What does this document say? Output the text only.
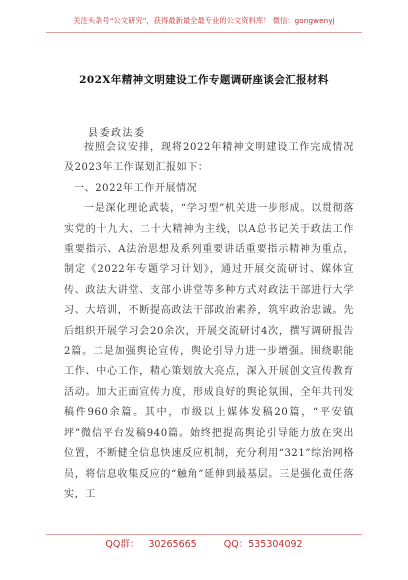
关注头条号“公文研究”，获得最新最全最专业的公文资料库！ 微信：gongwenyj
202X年精神文明建设工作专题调研座谈会汇报材料
县委政法委

按照会议安排，现将2022年精神文明建设工作完成情况及2023年工作谋划汇报如下：

一、2022年工作开展情况

一是深化理论武装，“学习型”机关进一步形成。以贯彻落实党的十九大、二十大精神为主线，以A总书记关于政法工作重要指示、A法治思想及系列重要讲话重要指示精神为重点，制定《2022年专题学习计划》，通过开展交流研讨、媒体宣传、政法大讲堂、支部小讲堂等多种方式对政法干部进行大学习、大培训，不断提高政法干部政治素养，筑牢政治忠诚。先后组织开展学习会20余次，开展交流研讨4次，撰写调研报告2篇。二是加强舆论宣传，舆论引导力进一步增强。围绕职能工作、中心工作，精心策划放大亮点，深入开展创文宣传教育活动。加大正面宣传力度，形成良好的舆论氛围，全年共刊发稿件960余篇。其中，市级以上媒体发稿20篇，“平安镇坪”微信平台发稿940篇。始终把提高舆论引导能力放在突出位置，不断健全信息快速反应机制，充分利用“321”综治网格员，将信息收集反应的“触角”延伸到最基层。三是强化责任落实，工

QQ群： 30265665	QQ：535304092
